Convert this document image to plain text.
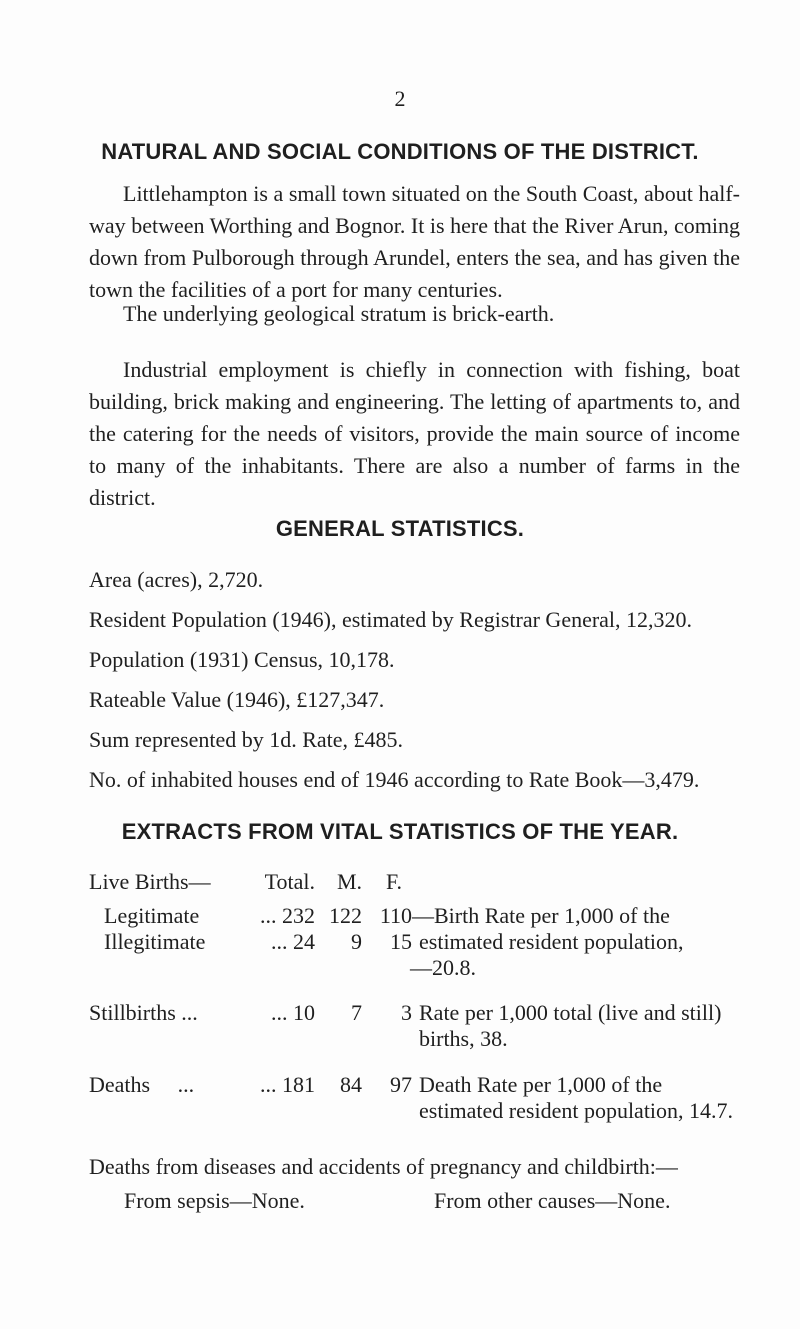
2
NATURAL AND SOCIAL CONDITIONS OF THE DISTRICT.

Littlehampton is a small town situated on the South Coast, about half-way between Worthing and Bognor. It is here that the River Arun, coming down from Pulborough through Arundel, enters the sea, and has given the town the facilities of a port for many centuries.

The underlying geological stratum is brick-earth.

Industrial employment is chiefly in connection with fishing, boat building, brick making and engineering. The letting of apartments to, and the catering for the needs of visitors, provide the main source of income to many of the inhabitants. There are also a number of farms in the district.

GENERAL STATISTICS.

Area (acres), 2,720.

Resident Population (1946), estimated by Registrar General, 12,320.

Population (1931) Census, 10,178.

Rateable Value (1946), £127,347.

Sum represented by 1d. Rate, £485.

No. of inhabited houses end of 1946 according to Rate Book—3,479.

EXTRACTS FROM VITAL STATISTICS OF THE YEAR.
Live Births—	Total. M. F.
Legitimate	... 232 122 110 —Birth Rate per 1,000 of the
Illegitimate	... 24	9	15 estimated resident population,
—20.8.
Stillbirths ...	... 10	7	3 Rate per 1,000 total (live and still) births, 38.
Deaths ...	... 181	84	97 Death Rate per 1,000 of the estimated resident population, 14.7.

Deaths from diseases and accidents of pregnancy and childbirth:—

From sepsis—None.	From other causes—None.
